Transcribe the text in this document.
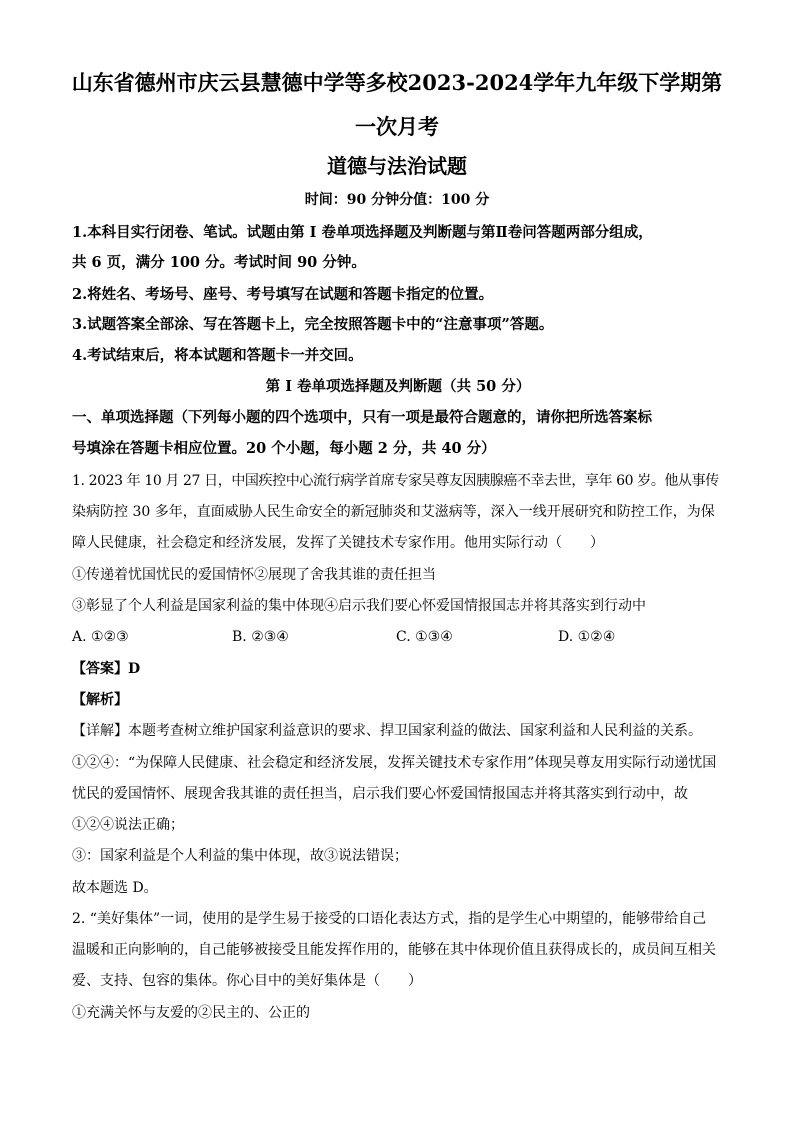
山东省德州市庆云县慧德中学等多校2023-2024学年九年级下学期第
一次月考
道德与法治试题
时间：90 分钟分值：100 分
1.本科目实行闭卷、笔试。试题由第 I 卷单项选择题及判断题与第Ⅱ卷问答题两部分组成，
共 6 页，满分 100 分。考试时间 90 分钟。
2.将姓名、考场号、座号、考号填写在试题和答题卡指定的位置。
3.试题答案全部涂、写在答题卡上，完全按照答题卡中的“注意事项”答题。
4.考试结束后，将本试题和答题卡一并交回。
第 I 卷单项选择题及判断题（共 50 分）
一、单项选择题（下列每小题的四个选项中，只有一项是最符合题意的，请你把所选答案标
号填涂在答题卡相应位置。20 个小题，每小题 2 分，共 40 分）
1. 2023 年 10 月 27 日，中国疾控中心流行病学首席专家吴尊友因胰腺癌不幸去世，享年 60 岁。他从事传
染病防控 30 多年，直面威胁人民生命安全的新冠肺炎和艾滋病等，深入一线开展研究和防控工作，为保
障人民健康，社会稳定和经济发展，发挥了关键技术专家作用。他用实际行动（　　）
①传递着忧国忧民的爱国情怀②展现了舍我其谁的责任担当
③彰显了个人利益是国家利益的集中体现④启示我们要心怀爱国情报国志并将其落实到行动中
A. ①②③	B. ②③④	C. ①③④	D. ①②④
【答案】D
【解析】
【详解】本题考查树立维护国家利益意识的要求、捍卫国家利益的做法、国家利益和人民利益的关系。
①②④：“为保障人民健康、社会稳定和经济发展，发挥关键技术专家作用”体现吴尊友用实际行动递忧国
忧民的爱国情怀、展现舍我其谁的责任担当，启示我们要心怀爱国情报国志并将其落实到行动中，故
①②④说法正确；
③：国家利益是个人利益的集中体现，故③说法错误；
故本题选 D。
2. “美好集体”一词，使用的是学生易于接受的口语化表达方式，指的是学生心中期望的，能够带给自己
温暖和正向影响的，自己能够被接受且能发挥作用的，能够在其中体现价值且获得成长的，成员间互相关
爱、支持、包容的集体。你心目中的美好集体是（　　）
①充满关怀与友爱的②民主的、公正的
